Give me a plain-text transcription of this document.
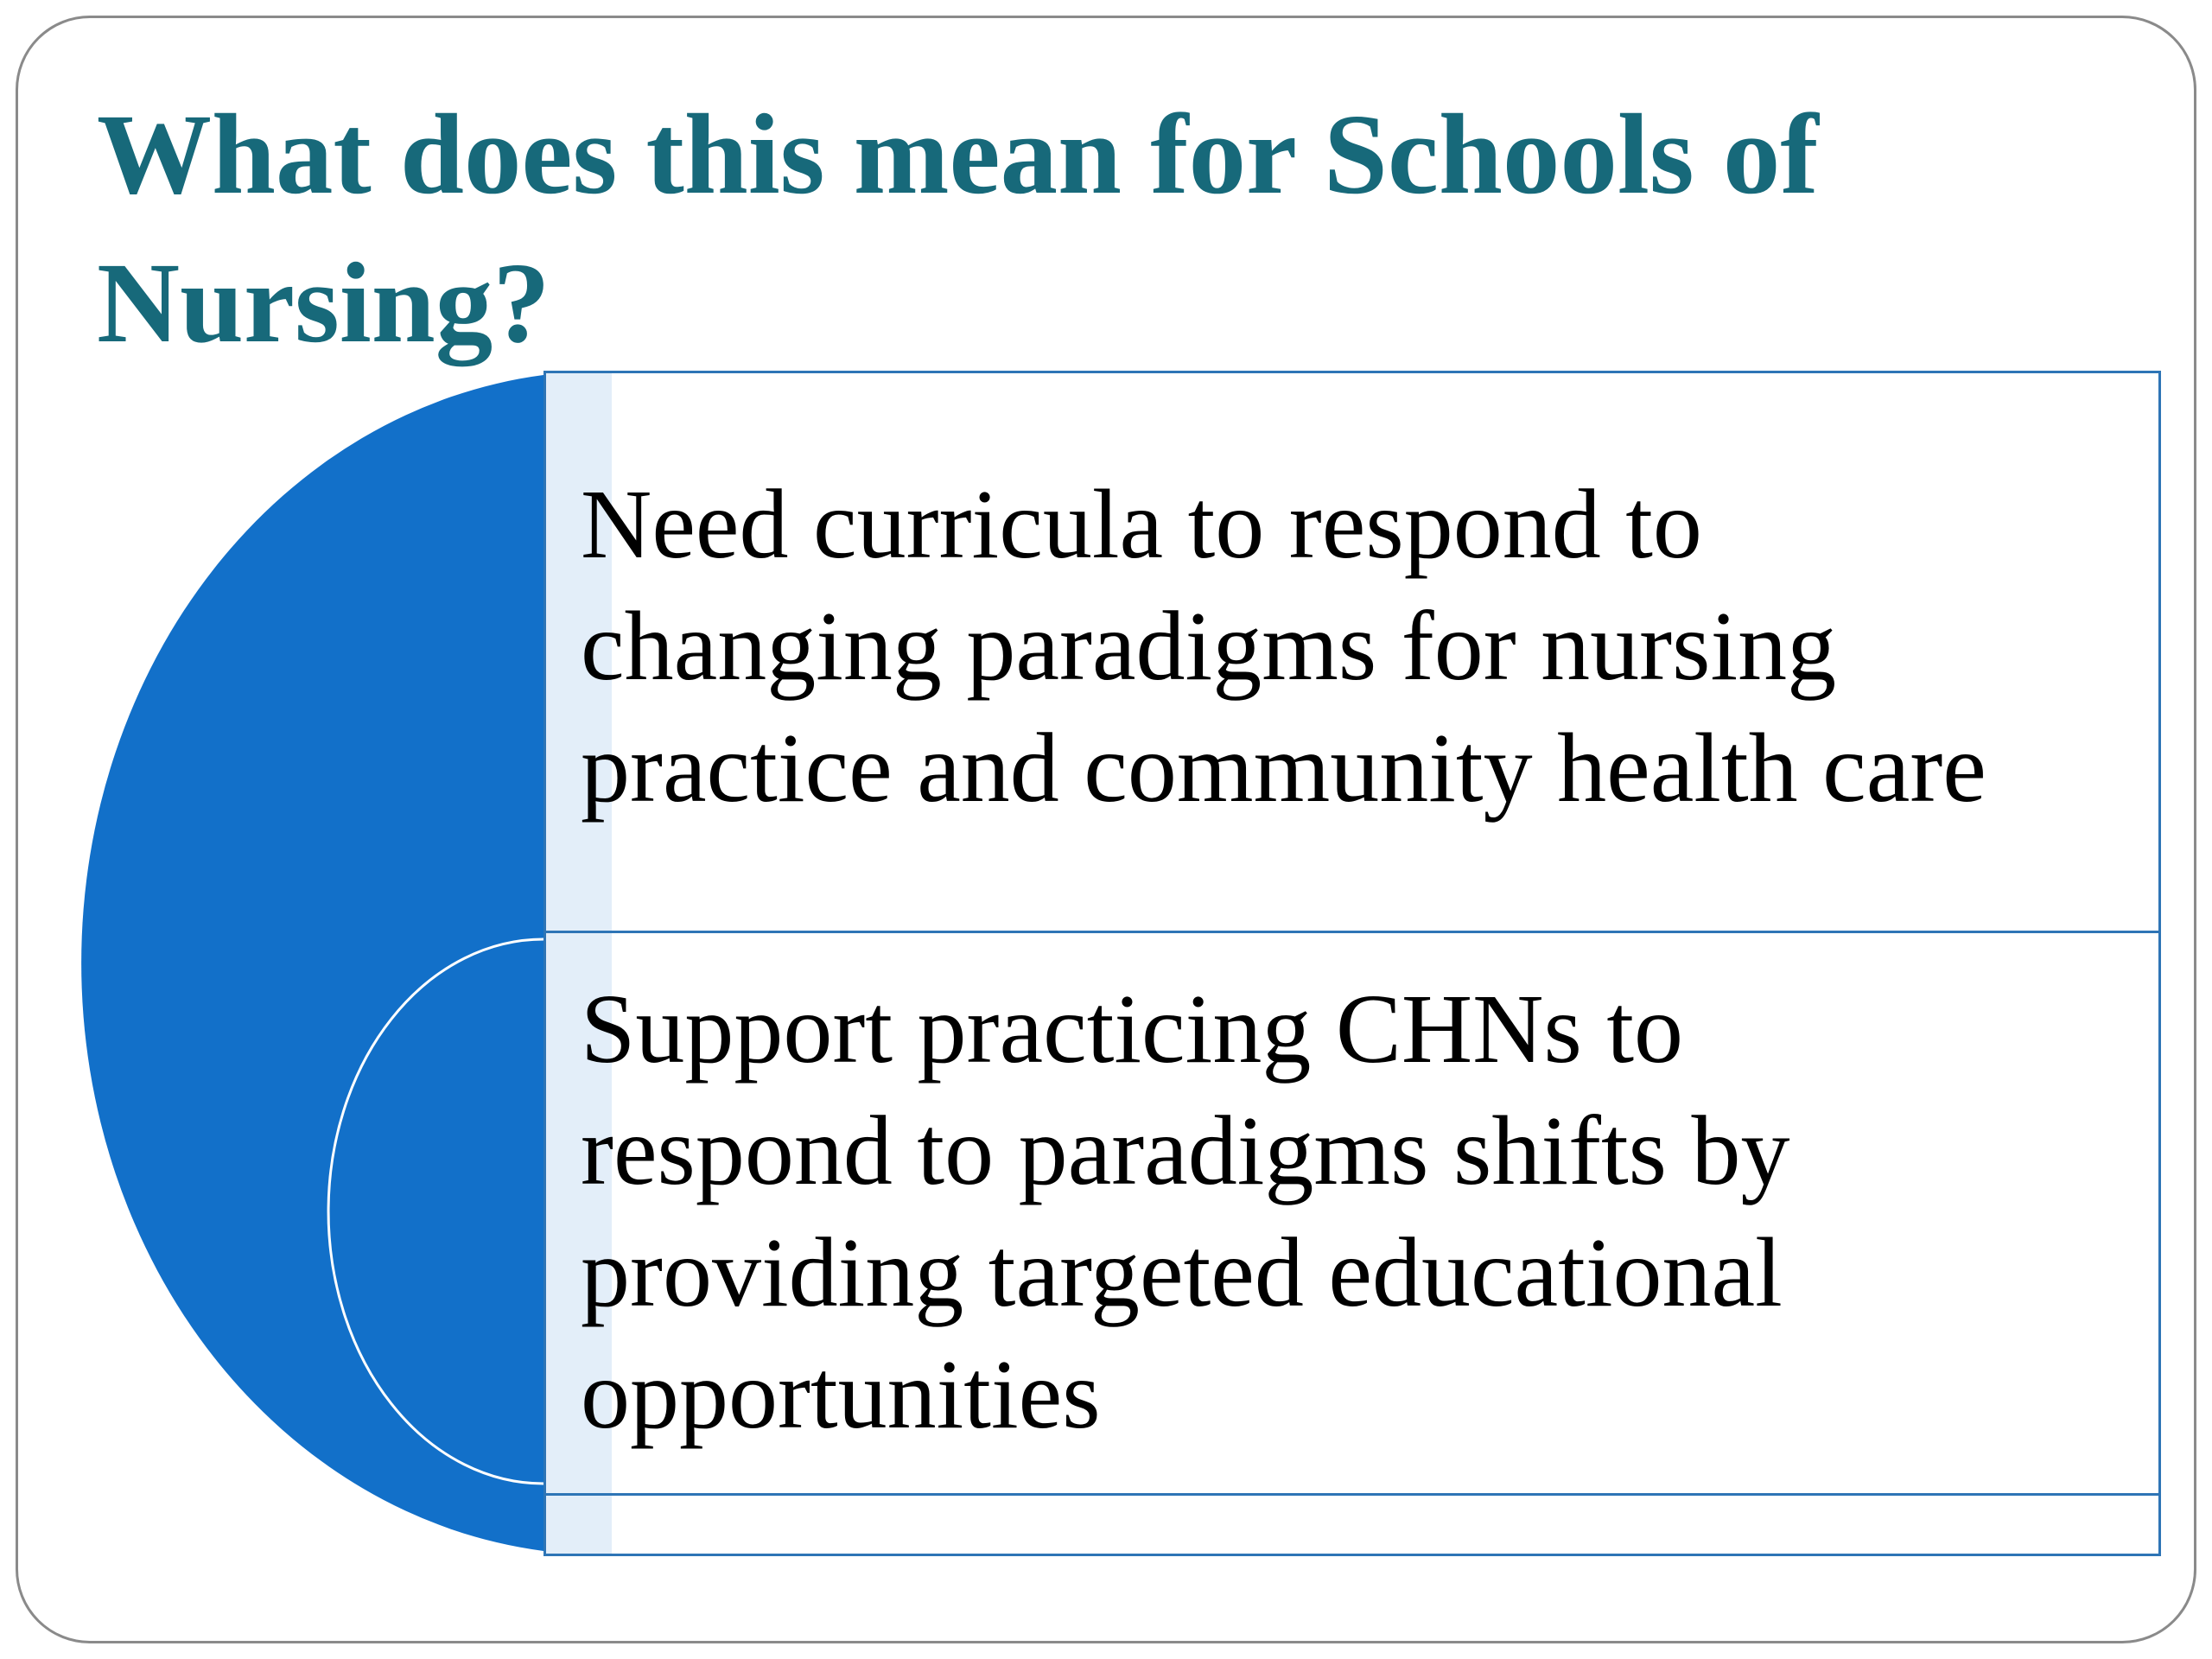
What does this mean for Schools of
Nursing?

Need curricula to respond to
changing paradigms for nursing
practice and community health care

Support practicing CHNs to
respond to paradigms shifts by
providing targeted educational
opportunities
